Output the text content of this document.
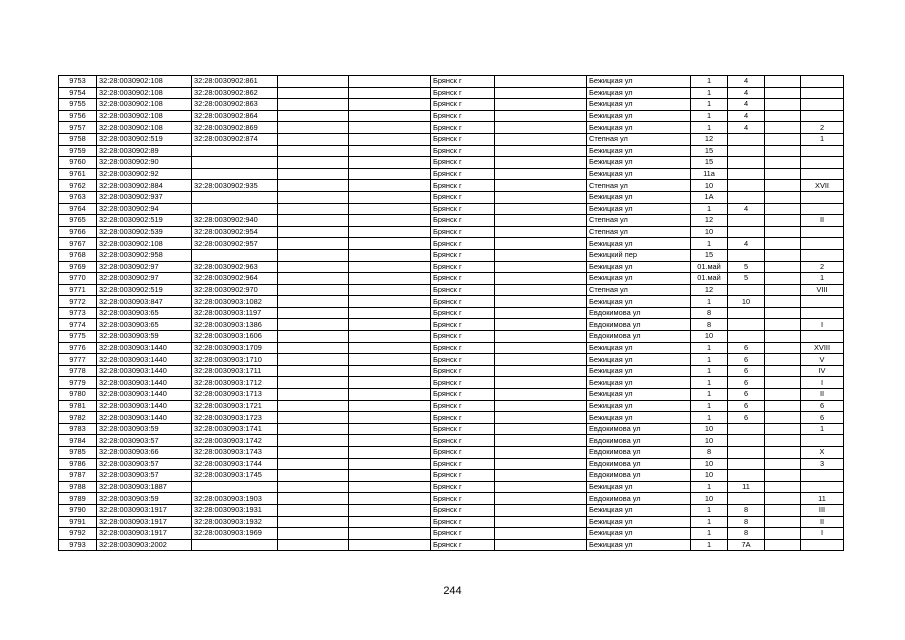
9753	32:28:0030902:108	32:28:0030902:861			Брянск г		Бежицкая ул	1	4		
9754	32:28:0030902:108	32:28:0030902:862			Брянск г		Бежицкая ул	1	4		
9755	32:28:0030902:108	32:28:0030902:863			Брянск г		Бежицкая ул	1	4		
9756	32:28:0030902:108	32:28:0030902:864			Брянск г		Бежицкая ул	1	4		
9757	32:28:0030902:108	32:28:0030902:869			Брянск г		Бежицкая ул	1	4		2
9758	32:28:0030902:519	32:28:0030902:874			Брянск г		Степная ул	12			1
9759	32:28:0030902:89				Брянск г		Бежицкая ул	15			
9760	32:28:0030902:90				Брянск г		Бежицкая ул	15			
9761	32:28:0030902:92				Брянск г		Бежицкая ул	11а			
9762	32:28:0030902:884	32:28:0030902:935			Брянск г		Степная ул	10			XVII
9763	32:28:0030902:937				Брянск г		Бежицкая ул	1А			
9764	32:28:0030902:94				Брянск г		Бежицкая ул	1	4		
9765	32:28:0030902:519	32:28:0030902:940			Брянск г		Степная ул	12			II
9766	32:28:0030902:539	32:28:0030902:954			Брянск г		Степная ул	10			
9767	32:28:0030902:108	32:28:0030902:957			Брянск г		Бежицкая ул	1	4		
9768	32:28:0030902:958				Брянск г		Бежицкий пер	15			
9769	32:28:0030902:97	32:28:0030902:963			Брянск г		Бежицкая ул	01.май	5		2
9770	32:28:0030902:97	32:28:0030902:964			Брянск г		Бежицкая ул	01.май	5		1
9771	32:28:0030902:519	32:28:0030902:970			Брянск г		Степная ул	12			VIII
9772	32:28:0030903:847	32:28:0030903:1082			Брянск г		Бежицкая ул	1	10		
9773	32:28:0030903:65	32:28:0030903:1197			Брянск г		Евдокимова ул	8			
9774	32:28:0030903:65	32:28:0030903:1386			Брянск г		Евдокимова ул	8			I
9775	32:28:0030903:59	32:28:0030903:1606			Брянск г		Евдокимова ул	10			
9776	32:28:0030903:1440	32:28:0030903:1709			Брянск г		Бежицкая ул	1	6		XVIII
9777	32:28:0030903:1440	32:28:0030903:1710			Брянск г		Бежицкая ул	1	6		V
9778	32:28:0030903:1440	32:28:0030903:1711			Брянск г		Бежицкая ул	1	6		IV
9779	32:28:0030903:1440	32:28:0030903:1712			Брянск г		Бежицкая ул	1	6		I
9780	32:28:0030903:1440	32:28:0030903:1713			Брянск г		Бежицкая ул	1	6		II
9781	32:28:0030903:1440	32:28:0030903:1721			Брянск г		Бежицкая ул	1	6		6
9782	32:28:0030903:1440	32:28:0030903:1723			Брянск г		Бежицкая ул	1	6		6
9783	32:28:0030903:59	32:28:0030903:1741			Брянск г		Евдокимова ул	10			1
9784	32:28:0030903:57	32:28:0030903:1742			Брянск г		Евдокимова ул	10			
9785	32:28:0030903:66	32:28:0030903:1743			Брянск г		Евдокимова ул	8			X
9786	32:28:0030903:57	32:28:0030903:1744			Брянск г		Евдокимова ул	10			3
9787	32:28:0030903:57	32:28:0030903:1745			Брянск г		Евдокимова ул	10			
9788	32:28:0030903:1887				Брянск г		Бежицкая ул	1	11		
9789	32:28:0030903:59	32:28:0030903:1903			Брянск г		Евдокимова ул	10			11
9790	32:28:0030903:1917	32:28:0030903:1931			Брянск г		Бежицкая ул	1	8		III
9791	32:28:0030903:1917	32:28:0030903:1932			Брянск г		Бежицкая ул	1	8		II
9792	32:28:0030903:1917	32:28:0030903:1969			Брянск г		Бежицкая ул	1	8		I
9793	32:28:0030903:2002				Брянск г		Бежицкая ул	1	7А		
244
